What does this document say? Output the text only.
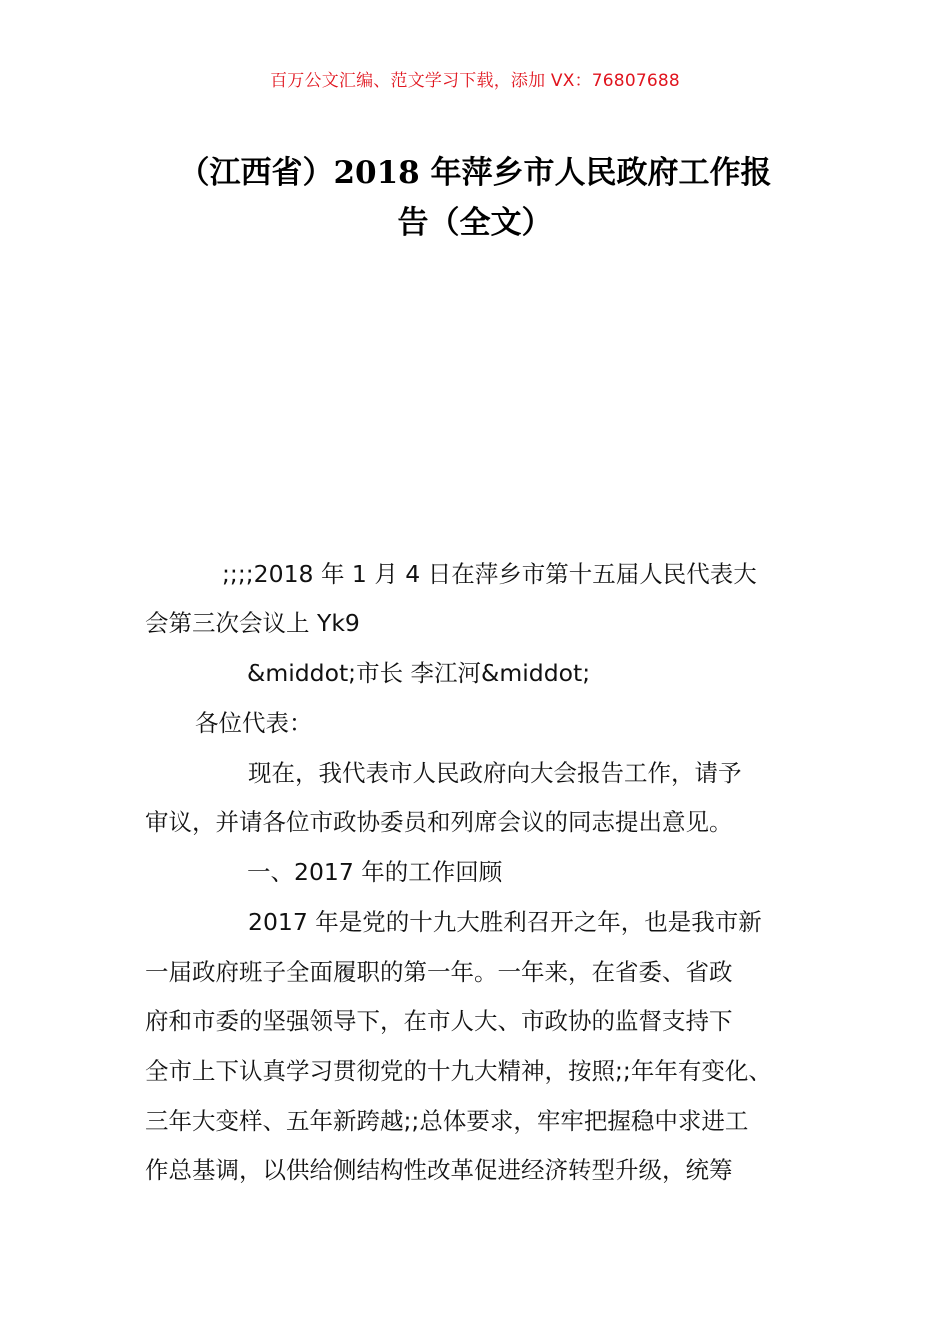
百万公文汇编、范文学习下载，添加 VX：76807688
（江西省）2018 年萍乡市人民政府工作报
告（全文）
;;;;2018 年 1 月 4 日在萍乡市第十五届人民代表大
会第三次会议上 Yk9
&middot;市长 李江河&middot;
各位代表：
现在，我代表市人民政府向大会报告工作，请予
审议，并请各位市政协委员和列席会议的同志提出意见。
一、2017 年的工作回顾
2017 年是党的十九大胜利召开之年，也是我市新
一届政府班子全面履职的第一年。一年来，在省委、省政
府和市委的坚强领导下，在市人大、市政协的监督支持下
全市上下认真学习贯彻党的十九大精神，按照;;年年有变化、
三年大变样、五年新跨越;;总体要求，牢牢把握稳中求进工
作总基调，以供给侧结构性改革促进经济转型升级，统筹
